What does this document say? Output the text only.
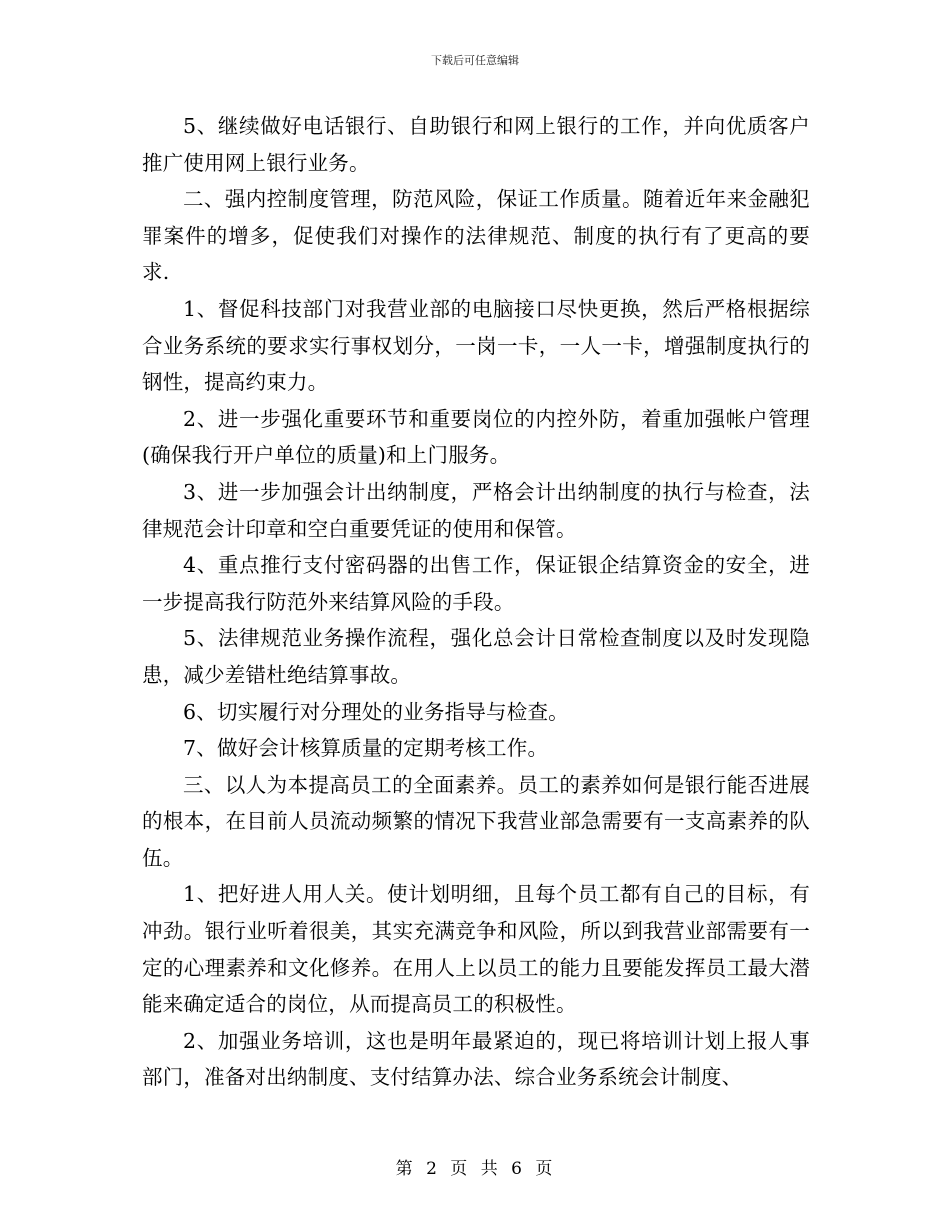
下载后可任意编辑

5、继续做好电话银行、自助银行和网上银行的工作，并向优质客户推广使用网上银行业务。

二、强内控制度管理，防范风险，保证工作质量。随着近年来金融犯罪案件的增多，促使我们对操作的法律规范、制度的执行有了更高的要求.

1、督促科技部门对我营业部的电脑接口尽快更换，然后严格根据综合业务系统的要求实行事权划分，一岗一卡，一人一卡，增强制度执行的钢性，提高约束力。

2、进一步强化重要环节和重要岗位的内控外防，着重加强帐户管理(确保我行开户单位的质量)和上门服务。

3、进一步加强会计出纳制度，严格会计出纳制度的执行与检查，法律规范会计印章和空白重要凭证的使用和保管。

4、重点推行支付密码器的出售工作，保证银企结算资金的安全，进一步提高我行防范外来结算风险的手段。

5、法律规范业务操作流程，强化总会计日常检查制度以及时发现隐患，减少差错杜绝结算事故。

6、切实履行对分理处的业务指导与检查。

7、做好会计核算质量的定期考核工作。

三、以人为本提高员工的全面素养。员工的素养如何是银行能否进展的根本，在目前人员流动频繁的情况下我营业部急需要有一支高素养的队伍。

1、把好进人用人关。使计划明细，且每个员工都有自己的目标，有冲劲。银行业听着很美，其实充满竞争和风险，所以到我营业部需要有一定的心理素养和文化修养。在用人上以员工的能力且要能发挥员工最大潜能来确定适合的岗位，从而提高员工的积极性。

2、加强业务培训，这也是明年最紧迫的，现已将培训计划上报人事部门，准备对出纳制度、支付结算办法、综合业务系统会计制度、

第 2 页 共 6 页
